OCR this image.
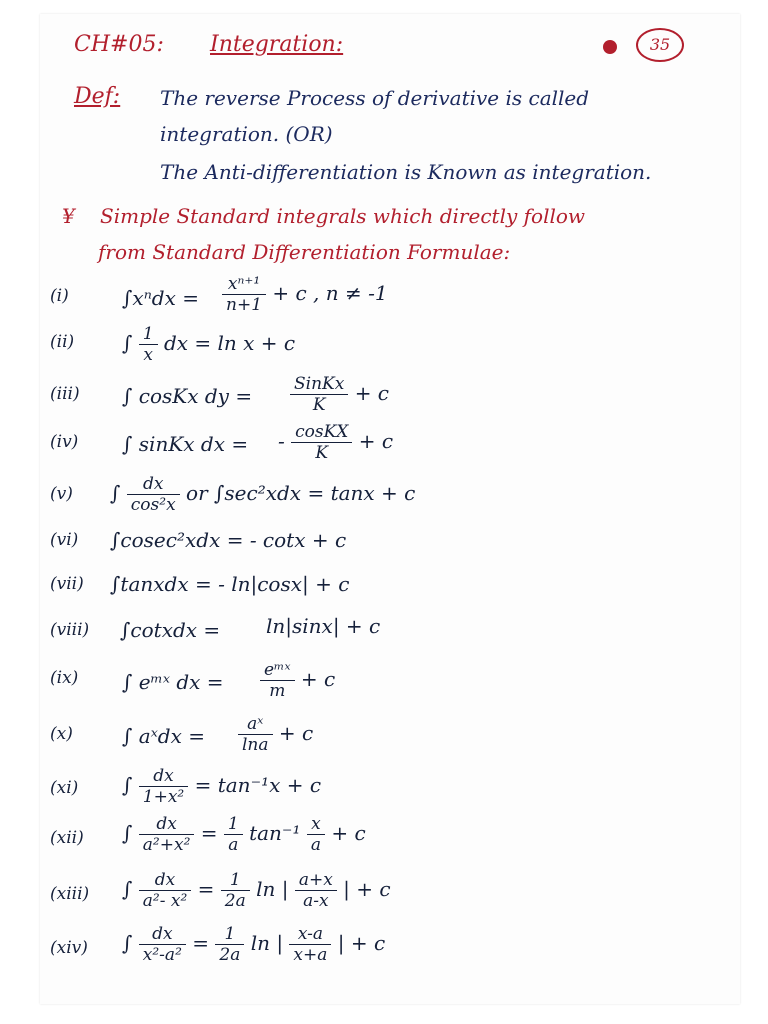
CH#05: Integration:	35
Def: The reverse Process of derivative is called
integration. (OR)
The Anti-differentiation is Known as integration.
¥ Simple Standard integrals which directly follow
from Standard Differentiation Formulae:
(i)	$\int x^ndx = \frac{\text{xⁿ⁺¹}}{n+1} + c$ , n ≠ -1
(ii) ∫ $\frac{1}{x}$ dx = ln x + c
(iii) ∫ cosKx dy = $\frac{\text{SinKx}}{K} + c$
(iv) ∫ sinKx dx = - $\frac{\text{cosKX}}{K} + c$
(v) ∫ $\frac{dx}{\text{cos²x}}$ or ∫sec²xdx = tanx + c
(vi) ∫cosec²xdx = - cotx + c
(vii) ∫tanxdx = - ln|cosx| + c
(viii) ∫cotxdx = ln|sinx| + c
(ix) ∫ eᵐˣ dx = $\frac{\text{eᵐˣ}}{m} + c$
(x) ∫ aˣdx = $\frac{\text{aˣ}}{\ln a} + c$
(xi) ∫ $\frac{dx}{\text{1+x²}} = \tan^{-1}x + c$
(xii) ∫ $\frac{dx}{\text{a²+x²}} = \frac{1}{a} \tan^{-1} \frac{x}{a} + c$
(xiii) ∫ $\frac{dx}{\text{a²- x²}} = \frac{1}{2a}$ ln | $\frac{a+x}{a-x}$ | + c
(xiv) ∫ $\frac{dx}{\text{x²-a²}} = \frac{1}{2a}$ ln | $\frac{x-a}{x+a}$ | + c
